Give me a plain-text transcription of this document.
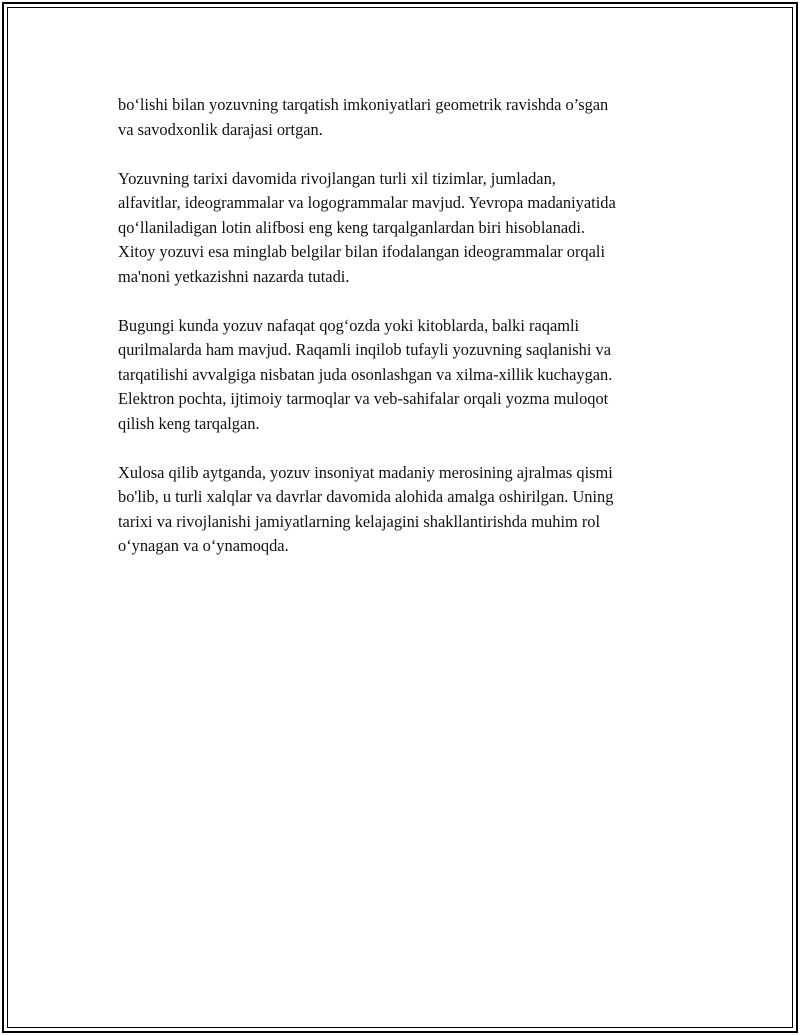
bo‘lishi bilan yozuvning tarqatish imkoniyatlari geometrik ravishda o’sgan
va savodxonlik darajasi ortgan.

Yozuvning tarixi davomida rivojlangan turli xil tizimlar, jumladan,
alfavitlar, ideogrammalar va logogrammalar mavjud. Yevropa madaniyatida
qo‘llaniladigan lotin alifbosi eng keng tarqalganlardan biri hisoblanadi.
Xitoy yozuvi esa minglab belgilar bilan ifodalangan ideogrammalar orqali
ma'noni yetkazishni nazarda tutadi.

Bugungi kunda yozuv nafaqat qog‘ozda yoki kitoblarda, balki raqamli
qurilmalarda ham mavjud. Raqamli inqilob tufayli yozuvning saqlanishi va
tarqatilishi avvalgiga nisbatan juda osonlashgan va xilma-xillik kuchaygan.
Elektron pochta, ijtimoiy tarmoqlar va veb-sahifalar orqali yozma muloqot
qilish keng tarqalgan.

Xulosa qilib aytganda, yozuv insoniyat madaniy merosining ajralmas qismi
bo'lib, u turli xalqlar va davrlar davomida alohida amalga oshirilgan. Uning
tarixi va rivojlanishi jamiyatlarning kelajagini shakllantirishda muhim rol
o‘ynagan va o‘ynamoqda.
